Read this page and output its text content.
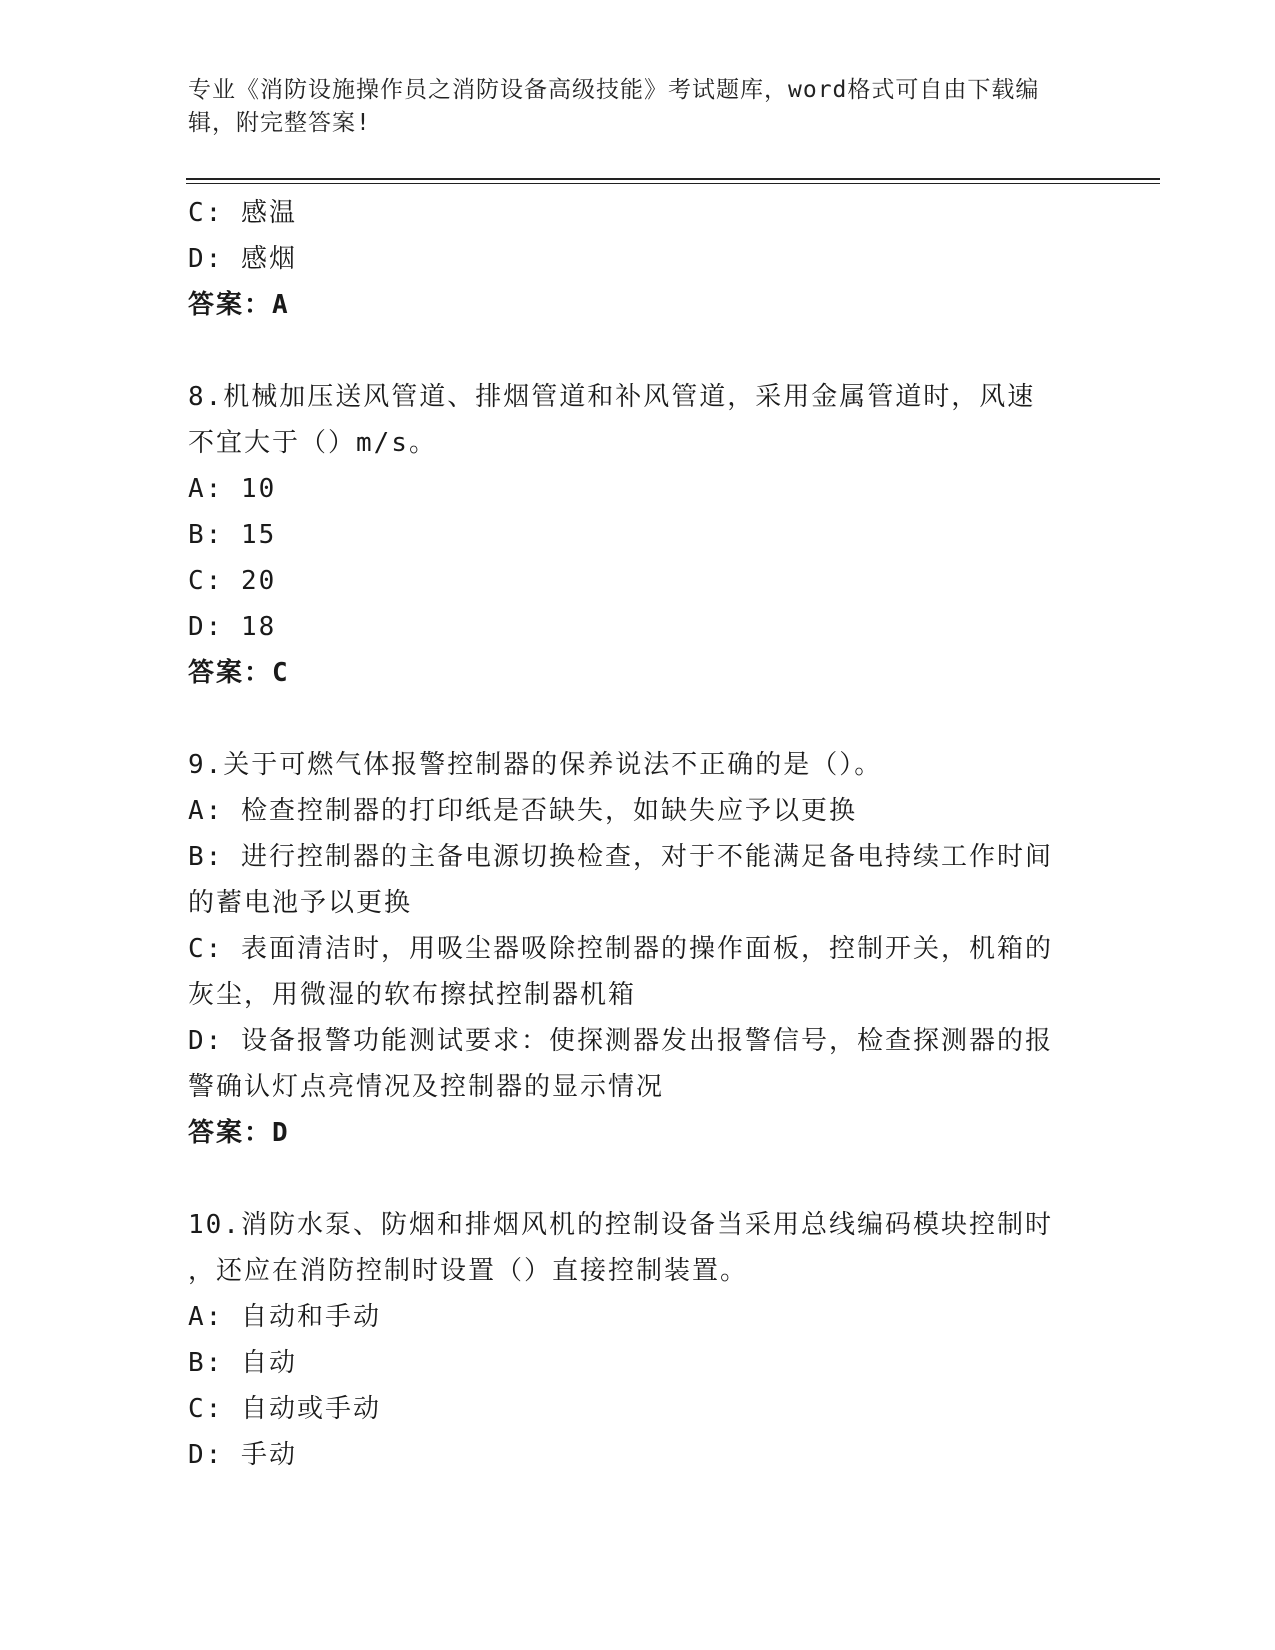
专业《消防设施操作员之消防设备高级技能》考试题库，word格式可自由下载编
辑，附完整答案!

C: 感温

D: 感烟

答案：A

8.机械加压送风管道、排烟管道和补风管道，采用金属管道时，风速

不宜大于（）m/s。

A: 10

B: 15

C: 20

D: 18

答案：C

9.关于可燃气体报警控制器的保养说法不正确的是（）。

A: 检查控制器的打印纸是否缺失，如缺失应予以更换

B: 进行控制器的主备电源切换检查，对于不能满足备电持续工作时间

的蓄电池予以更换

C: 表面清洁时，用吸尘器吸除控制器的操作面板，控制开关，机箱的

灰尘，用微湿的软布擦拭控制器机箱

D: 设备报警功能测试要求：使探测器发出报警信号，检查探测器的报

警确认灯点亮情况及控制器的显示情况

答案：D

10.消防水泵、防烟和排烟风机的控制设备当采用总线编码模块控制时

，还应在消防控制时设置（）直接控制装置。

A: 自动和手动

B: 自动

C: 自动或手动

D: 手动
